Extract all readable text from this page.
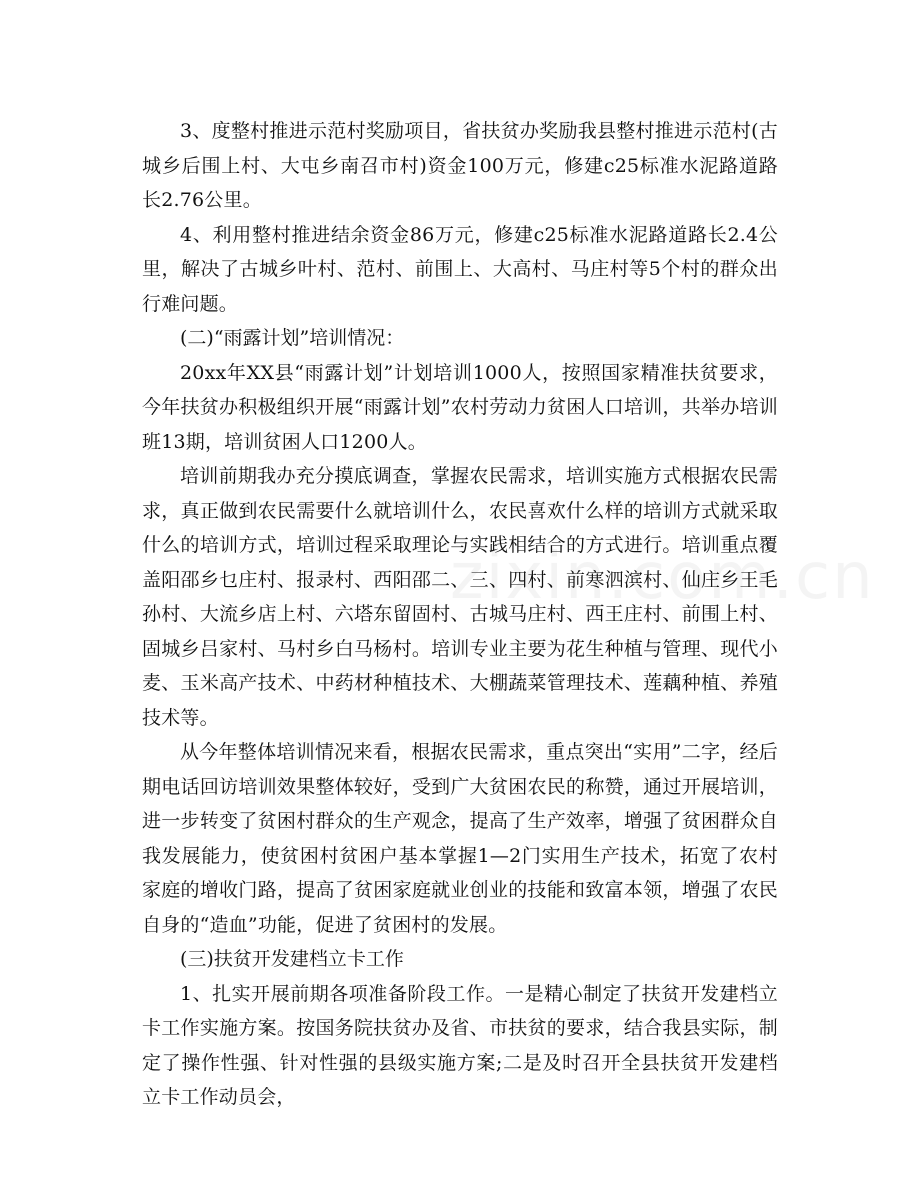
3、度整村推进示范村奖励项目，省扶贫办奖励我县整村推进示范村(古城乡后围上村、大屯乡南召市村)资金100万元，修建c25标准水泥路道路长2.76公里。

4、利用整村推进结余资金86万元，修建c25标准水泥路道路长2.4公里，解决了古城乡叶村、范村、前围上、大高村、马庄村等5个村的群众出行难问题。

(二)“雨露计划”培训情况：

20xx年XX县“雨露计划”计划培训1000人，按照国家精准扶贫要求，今年扶贫办积极组织开展“雨露计划”农村劳动力贫困人口培训，共举办培训班13期，培训贫困人口1200人。

培训前期我办充分摸底调查，掌握农民需求，培训实施方式根据农民需求，真正做到农民需要什么就培训什么，农民喜欢什么样的培训方式就采取什么的培训方式，培训过程采取理论与实践相结合的方式进行。培训重点覆盖阳邵乡乜庄村、报录村、西阳邵二、三、四村、前寒泗滨村、仙庄乡王毛孙村、大流乡店上村、六塔东留固村、古城马庄村、西王庄村、前围上村、固城乡吕家村、马村乡白马杨村。培训专业主要为花生种植与管理、现代小麦、玉米高产技术、中药材种植技术、大棚蔬菜管理技术、莲藕种植、养殖技术等。

从今年整体培训情况来看，根据农民需求，重点突出“实用”二字，经后期电话回访培训效果整体较好，受到广大贫困农民的称赞，通过开展培训，进一步转变了贫困村群众的生产观念，提高了生产效率，增强了贫困群众自我发展能力，使贫困村贫困户基本掌握1—2门实用生产技术，拓宽了农村家庭的增收门路，提高了贫困家庭就业创业的技能和致富本领，增强了农民自身的“造血”功能，促进了贫困村的发展。

(三)扶贫开发建档立卡工作

1、扎实开展前期各项准备阶段工作。一是精心制定了扶贫开发建档立卡工作实施方案。按国务院扶贫办及省、市扶贫的要求，结合我县实际，制定了操作性强、针对性强的县级实施方案;二是及时召开全县扶贫开发建档立卡工作动员会，
